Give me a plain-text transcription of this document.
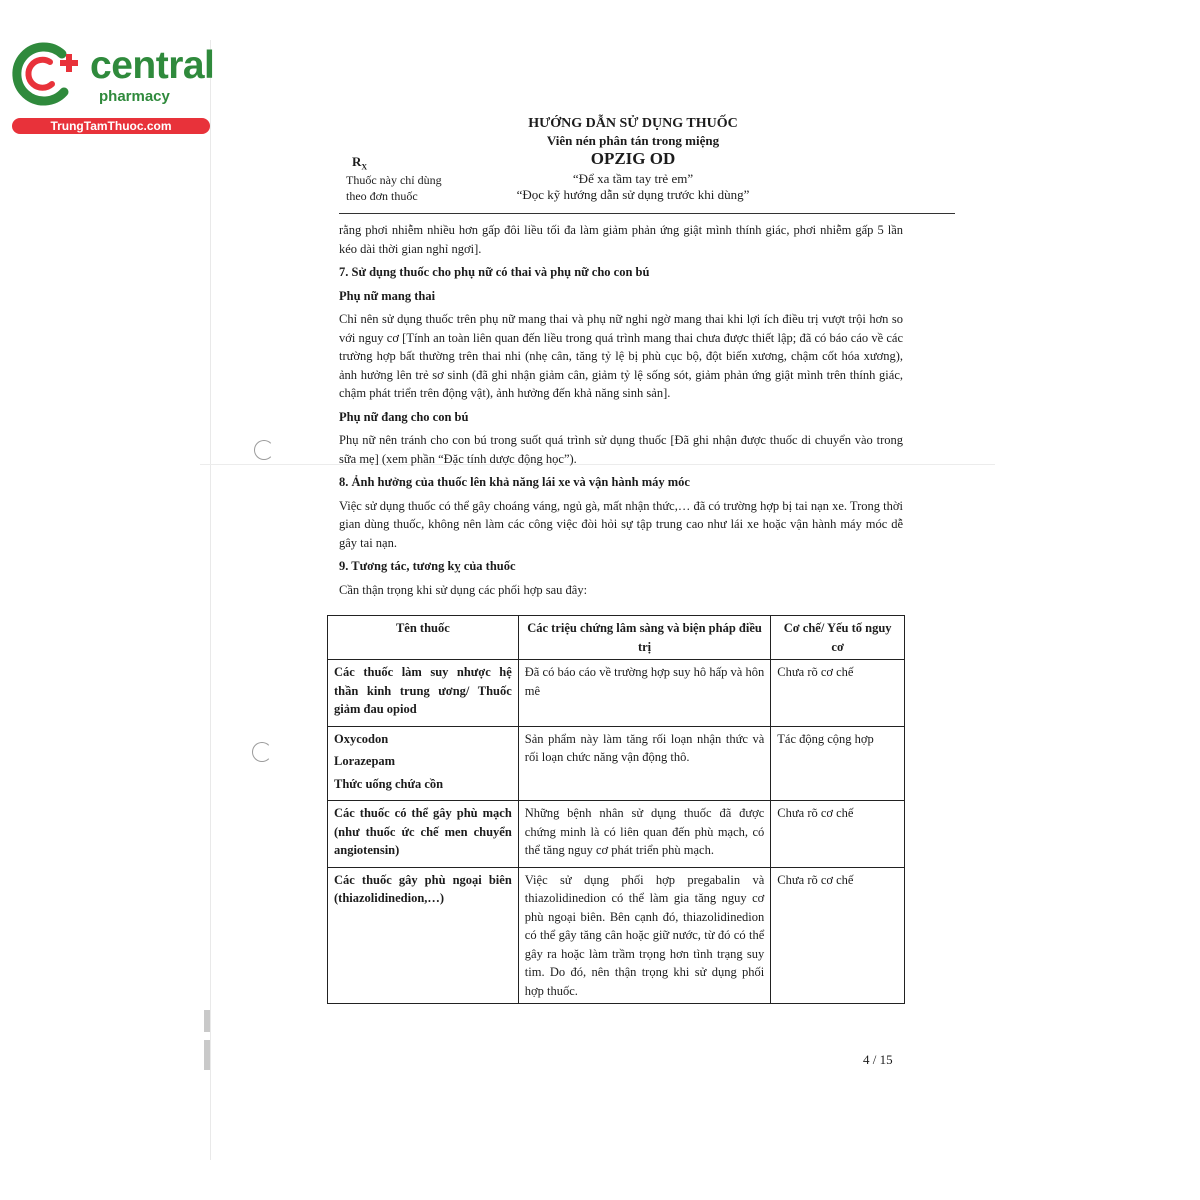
central
pharmacy
TrungTamThuoc.com	HƯỚNG DẪN SỬ DỤNG THUỐC
Viên nén phân tán trong miệng
OPZIG OD
“Để xa tầm tay trẻ em”
“Đọc kỹ hướng dẫn sử dụng trước khi dùng”
$R_X$
Thuốc này chỉ dùng
theo đơn thuốc

rằng phơi nhiễm nhiều hơn gấp đôi liều tối đa làm giảm phản ứng giật mình thính giác, phơi nhiễm gấp 5 lần kéo dài thời gian nghỉ ngơi].

7. Sử dụng thuốc cho phụ nữ có thai và phụ nữ cho con bú
Phụ nữ mang thai

Chỉ nên sử dụng thuốc trên phụ nữ mang thai và phụ nữ nghi ngờ mang thai khi lợi ích điều trị vượt trội hơn so với nguy cơ [Tính an toàn liên quan đến liều trong quá trình mang thai chưa được thiết lập; đã có báo cáo về các trường hợp bất thường trên thai nhi (nhẹ cân, tăng tỷ lệ bị phù cục bộ, đột biến xương, chậm cốt hóa xương), ảnh hưởng lên trẻ sơ sinh (đã ghi nhận giảm cân, giảm tỷ lệ sống sót, giảm phản ứng giật mình trên thính giác, chậm phát triển trên động vật), ảnh hưởng đến khả năng sinh sản].

Phụ nữ đang cho con bú

Phụ nữ nên tránh cho con bú trong suốt quá trình sử dụng thuốc [Đã ghi nhận được thuốc di chuyển vào trong sữa mẹ] (xem phần “Đặc tính dược động học”).

8. Ảnh hưởng của thuốc lên khả năng lái xe và vận hành máy móc

Việc sử dụng thuốc có thể gây choáng váng, ngủ gà, mất nhận thức,… đã có trường hợp bị tai nạn xe. Trong thời gian dùng thuốc, không nên làm các công việc đòi hỏi sự tập trung cao như lái xe hoặc vận hành máy móc dễ gây tai nạn.

9. Tương tác, tương kỵ của thuốc

Cần thận trọng khi sử dụng các phối hợp sau đây:

Tên thuốc	Các triệu chứng lâm sàng và biện pháp điều trị	Cơ chế/ Yếu tố nguy cơ

Các thuốc làm suy nhược hệ thần kinh trung ương/ Thuốc giảm đau opiod	Đã có báo cáo về trường hợp suy hô hấp và hôn mê	Chưa rõ cơ chế

Oxycodon
Lorazepam
Thức uống chứa cồn	Sản phẩm này làm tăng rối loạn nhận thức và rối loạn chức năng vận động thô.	Tác động cộng hợp

Các thuốc có thể gây phù mạch (như thuốc ức chế men chuyển angiotensin)	Những bệnh nhân sử dụng thuốc đã được chứng minh là có liên quan đến phù mạch, có thể tăng nguy cơ phát triển phù mạch.	Chưa rõ cơ chế

Các thuốc gây phù ngoại biên (thiazolidinedion,…)	Việc sử dụng phối hợp pregabalin và thiazolidinedion có thể làm gia tăng nguy cơ phù ngoại biên. Bên cạnh đó, thiazolidinedion có thể gây tăng cân hoặc giữ nước, từ đó có thể gây ra hoặc làm trầm trọng hơn tình trạng suy tim. Do đó, nên thận trọng khi sử dụng phối hợp thuốc.	Chưa rõ cơ chế
4 / 15
